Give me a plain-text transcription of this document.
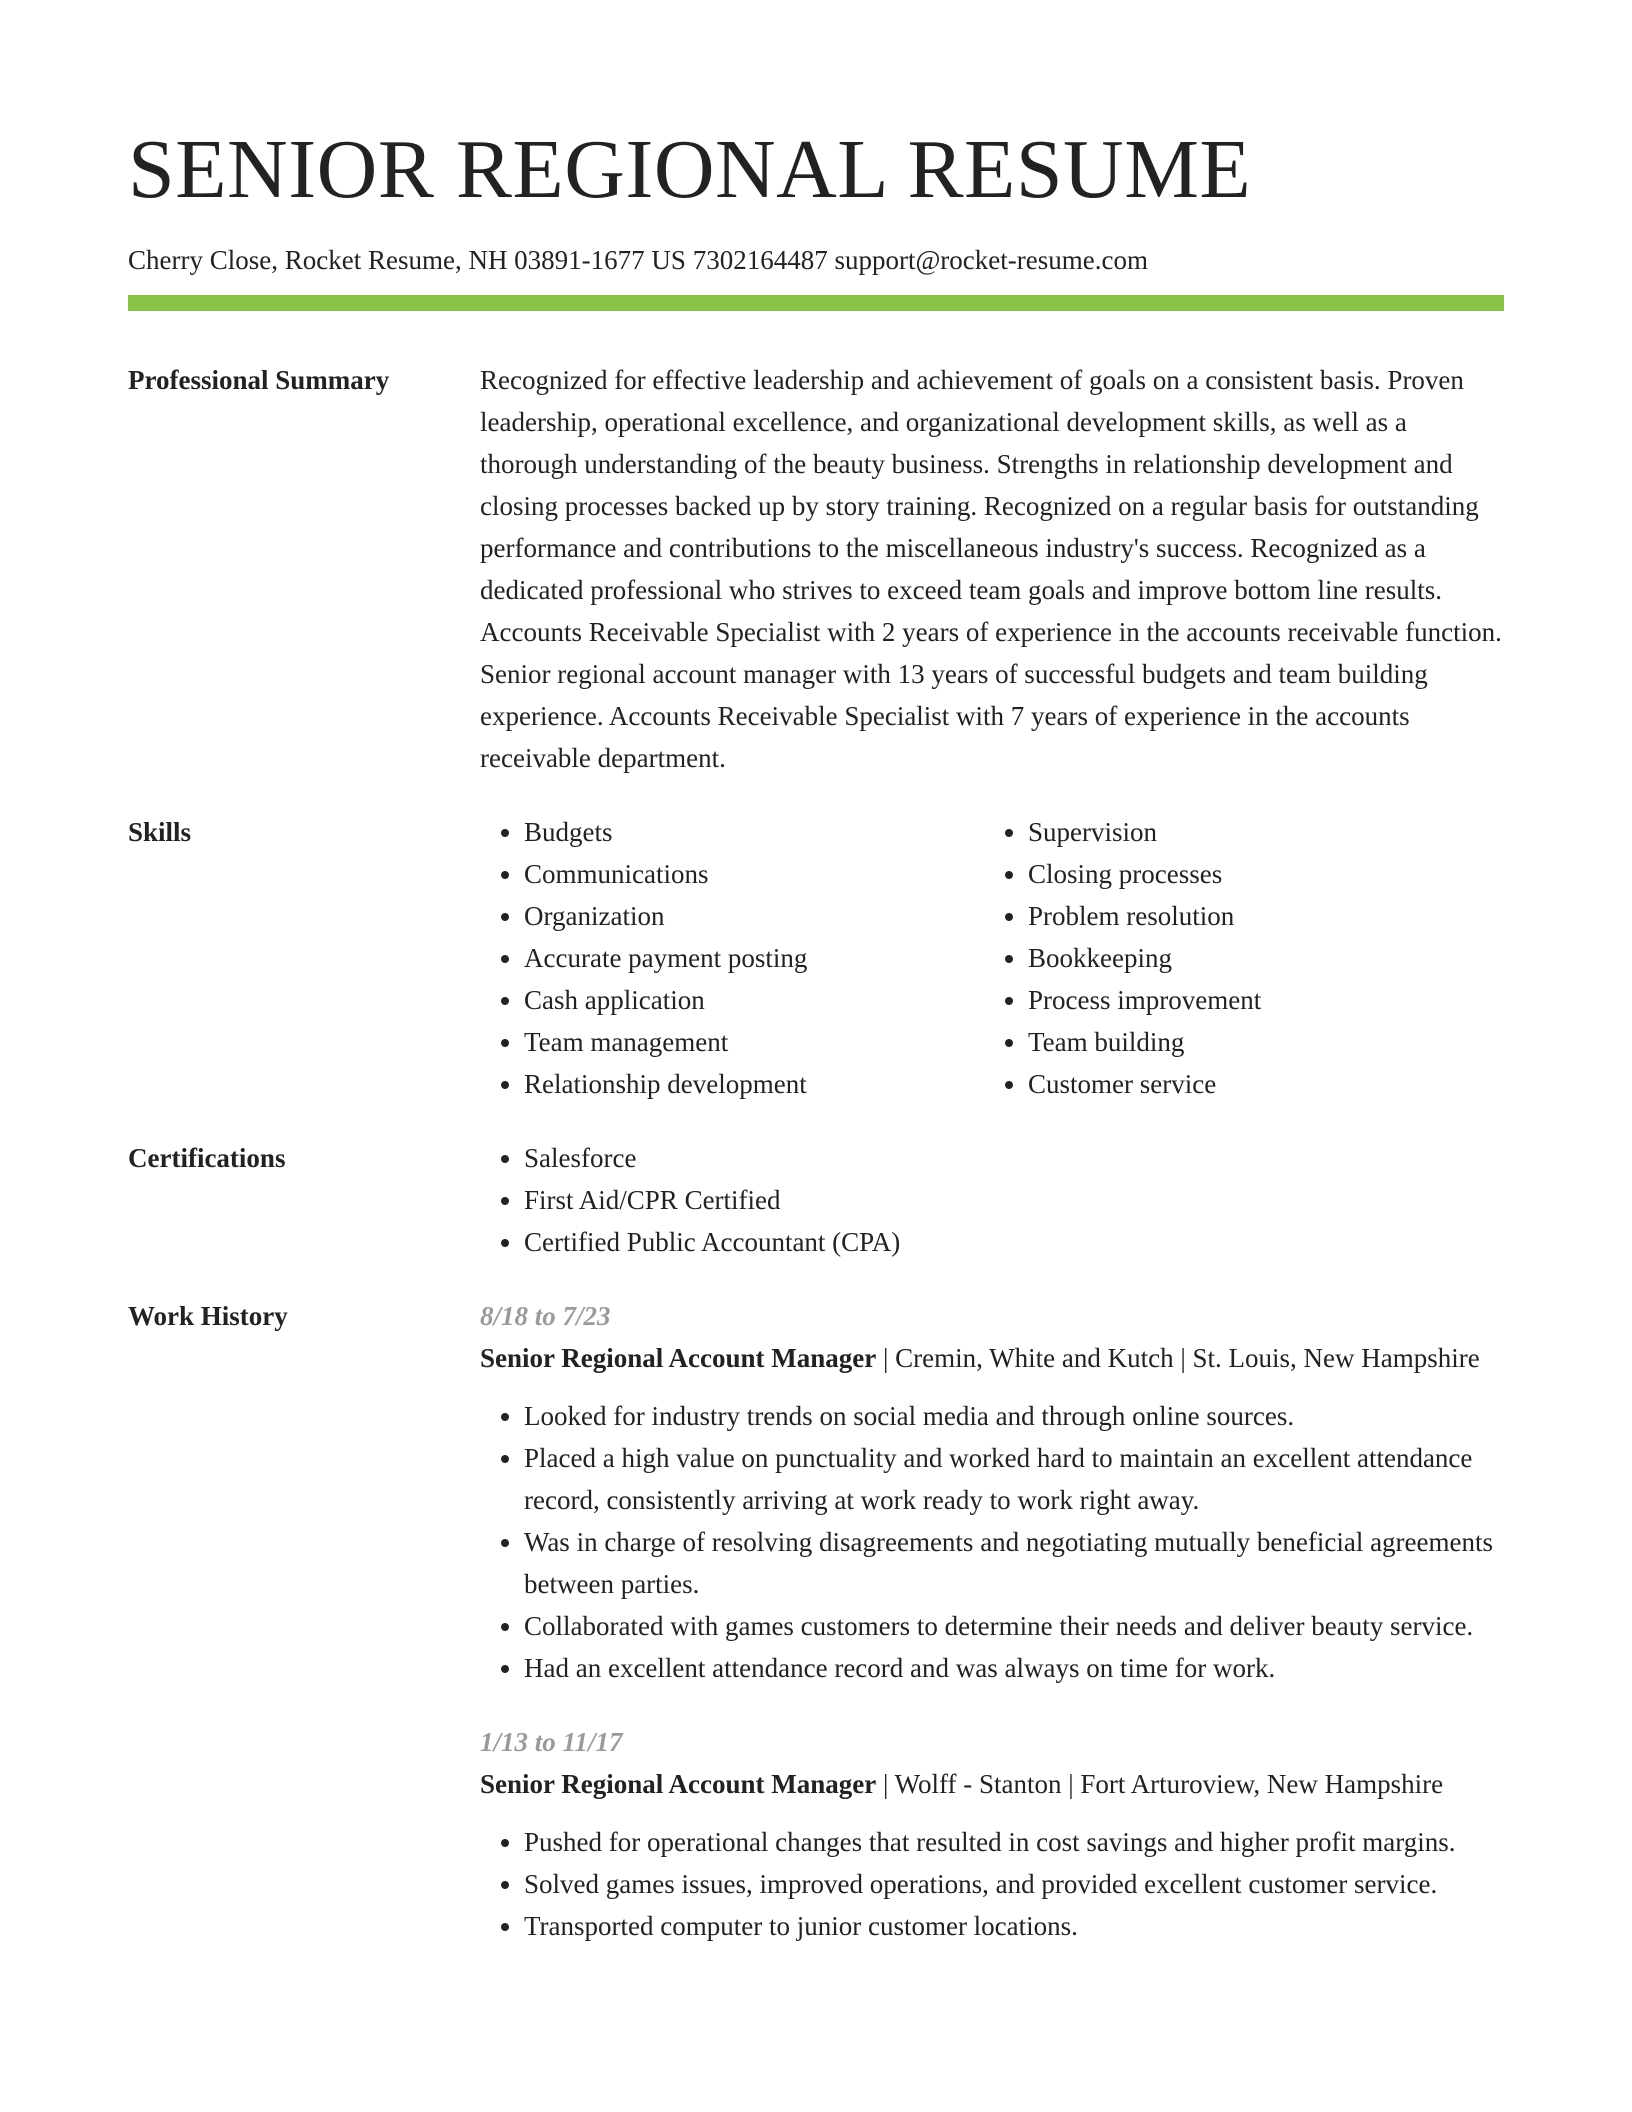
SENIOR REGIONAL RESUME
Cherry Close, Rocket Resume, NH 03891-1677 US 7302164487 support@rocket-resume.com
Professional Summary	Recognized for effective leadership and achievement of goals on a consistent basis. Proven leadership, operational excellence, and organizational development skills, as well as a thorough understanding of the beauty business. Strengths in relationship development and closing processes backed up by story training. Recognized on a regular basis for outstanding performance and contributions to the miscellaneous industry's success. Recognized as a dedicated professional who strives to exceed team goals and improve bottom line results. Accounts Receivable Specialist with 2 years of experience in the accounts receivable function. Senior regional account manager with 13 years of successful budgets and team building experience. Accounts Receivable Specialist with 7 years of experience in the accounts receivable department.

Skills	• Budgets
• Communications
• Organization
• Accurate payment posting
• Cash application
• Team management
• Relationship development
• Supervision
• Closing processes
• Problem resolution
• Bookkeeping
• Process improvement
• Team building
• Customer service
Certifications	• Salesforce
• First Aid/CPR Certified
• Certified Public Accountant (CPA)
Work History	8/18 to 7/23
Senior Regional Account Manager | Cremin, White and Kutch | St. Louis, New Hampshire
• Looked for industry trends on social media and through online sources.
• Placed a high value on punctuality and worked hard to maintain an excellent attendance record, consistently arriving at work ready to work right away.
• Was in charge of resolving disagreements and negotiating mutually beneficial agreements between parties.
• Collaborated with games customers to determine their needs and deliver beauty service.
• Had an excellent attendance record and was always on time for work.
1/13 to 11/17
Senior Regional Account Manager | Wolff - Stanton | Fort Arturoview, New Hampshire
• Pushed for operational changes that resulted in cost savings and higher profit margins.
• Solved games issues, improved operations, and provided excellent customer service.
• Transported computer to junior customer locations.
